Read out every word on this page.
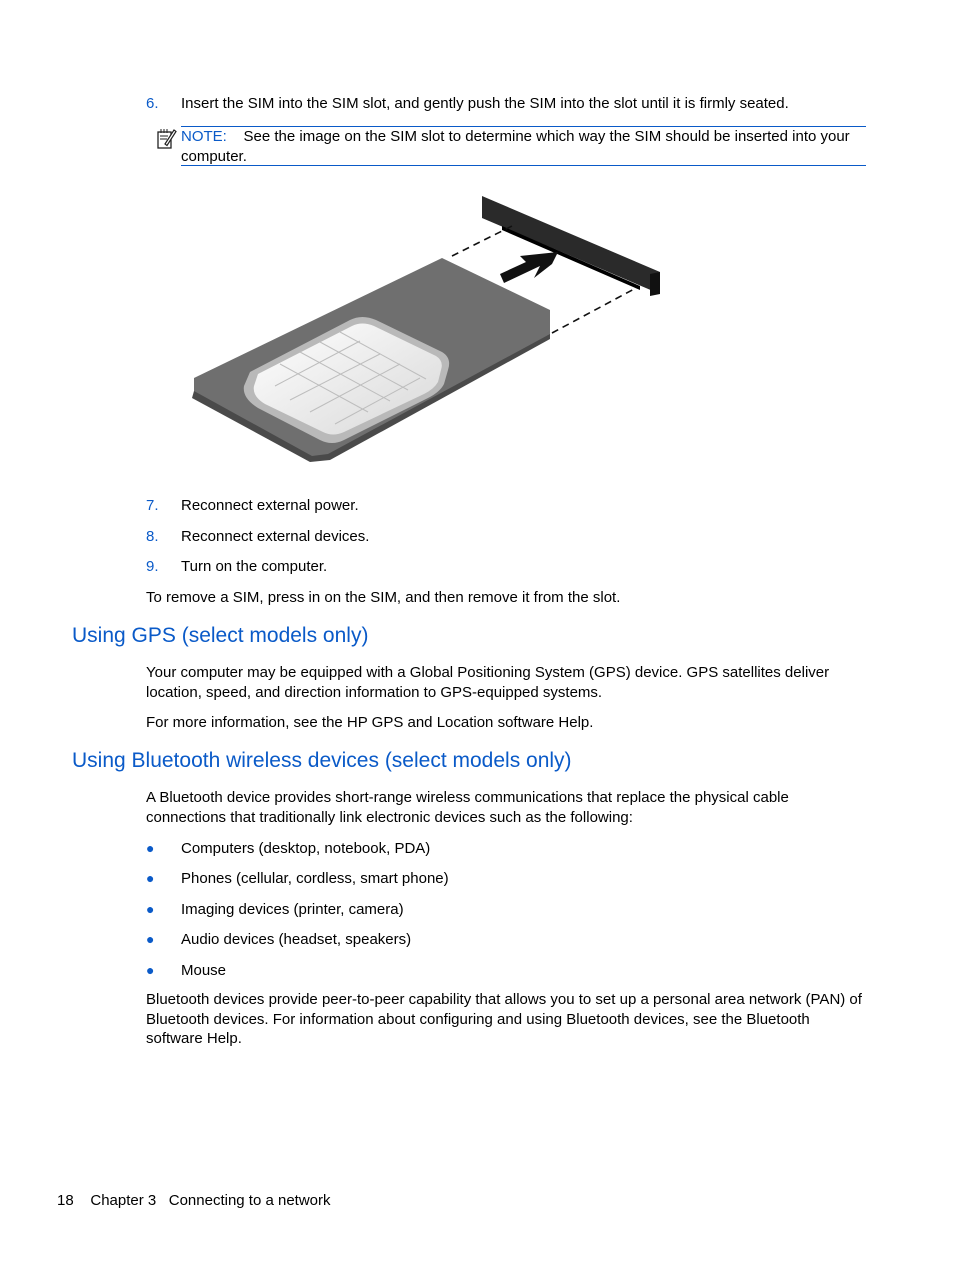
6. Insert the SIM into the SIM slot, and gently push the SIM into the slot until it is firmly seated.
NOTE: See the image on the SIM slot to determine which way the SIM should be inserted into your computer.
7. Reconnect external power.
8. Reconnect external devices.
9. Turn on the computer.

To remove a SIM, press in on the SIM, and then remove it from the slot.

Using GPS (select models only)

Your computer may be equipped with a Global Positioning System (GPS) device. GPS satellites deliver location, speed, and direction information to GPS-equipped systems.

For more information, see the HP GPS and Location software Help.

Using Bluetooth wireless devices (select models only)

A Bluetooth device provides short-range wireless communications that replace the physical cable connections that traditionally link electronic devices such as the following:

● Computers (desktop, notebook, PDA)
● Phones (cellular, cordless, smart phone)
● Imaging devices (printer, camera)
● Audio devices (headset, speakers)
● Mouse

Bluetooth devices provide peer-to-peer capability that allows you to set up a personal area network (PAN) of Bluetooth devices. For information about configuring and using Bluetooth devices, see the Bluetooth software Help.

18 Chapter 3 Connecting to a network
